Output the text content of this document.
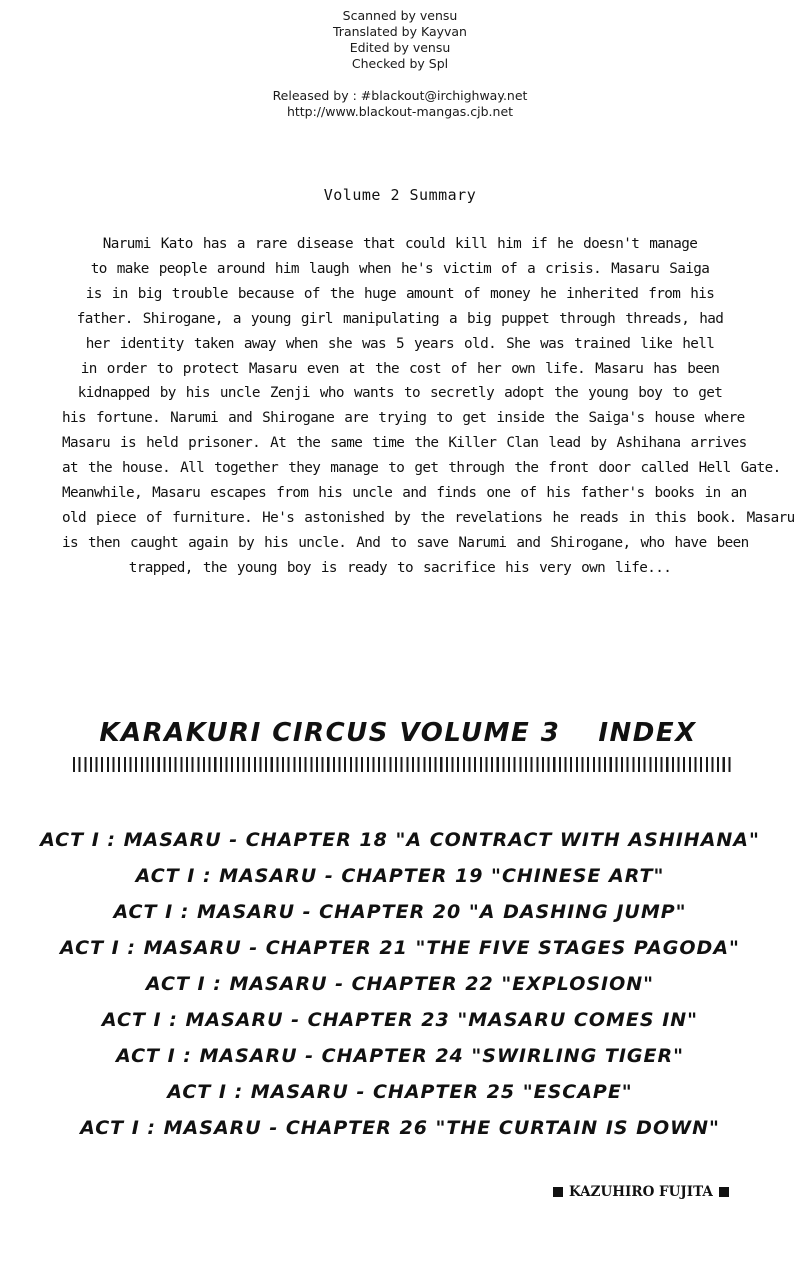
Scanned by vensu
Translated by Kayvan
Edited by vensu
Checked by Spl
Released by : #blackout@irchighway.net
http://www.blackout-mangas.cjb.net
Volume 2 Summary
Narumi Kato has a rare disease that could kill him if he doesn't manage
to make people around him laugh when he's victim of a crisis. Masaru Saiga
is in big trouble because of the huge amount of money he inherited from his
father. Shirogane, a young girl manipulating a big puppet through threads, had
her identity taken away when she was 5 years old. She was trained like hell
in order to protect Masaru even at the cost of her own life. Masaru has been
kidnapped by his uncle Zenji who wants to secretly adopt the young boy to get
his fortune. Narumi and Shirogane are trying to get inside the Saiga's house where
Masaru is held prisoner. At the same time the Killer Clan lead by Ashihana arrives
at the house. All together they manage to get through the front door called Hell Gate.
Meanwhile, Masaru escapes from his uncle and finds one of his father's books in an
old piece of furniture. He's astonished by the revelations he reads in this book. Masaru
is then caught again by his uncle. And to save Narumi and Shirogane, who have been
trapped, the young boy is ready to sacrifice his very own life...
KARAKURI CIRCUS VOLUME 3 INDEX
ACT I : MASARU - CHAPTER 18 "A CONTRACT WITH ASHIHANA"
ACT I : MASARU - CHAPTER 19 "CHINESE ART"
ACT I : MASARU - CHAPTER 20 "A DASHING JUMP"
ACT I : MASARU - CHAPTER 21 "THE FIVE STAGES PAGODA"
ACT I : MASARU - CHAPTER 22 "EXPLOSION"
ACT I : MASARU - CHAPTER 23 "MASARU COMES IN"
ACT I : MASARU - CHAPTER 24 "SWIRLING TIGER"
ACT I : MASARU - CHAPTER 25 "ESCAPE"
ACT I : MASARU - CHAPTER 26 "THE CURTAIN IS DOWN"
KAZUHIRO FUJITA
